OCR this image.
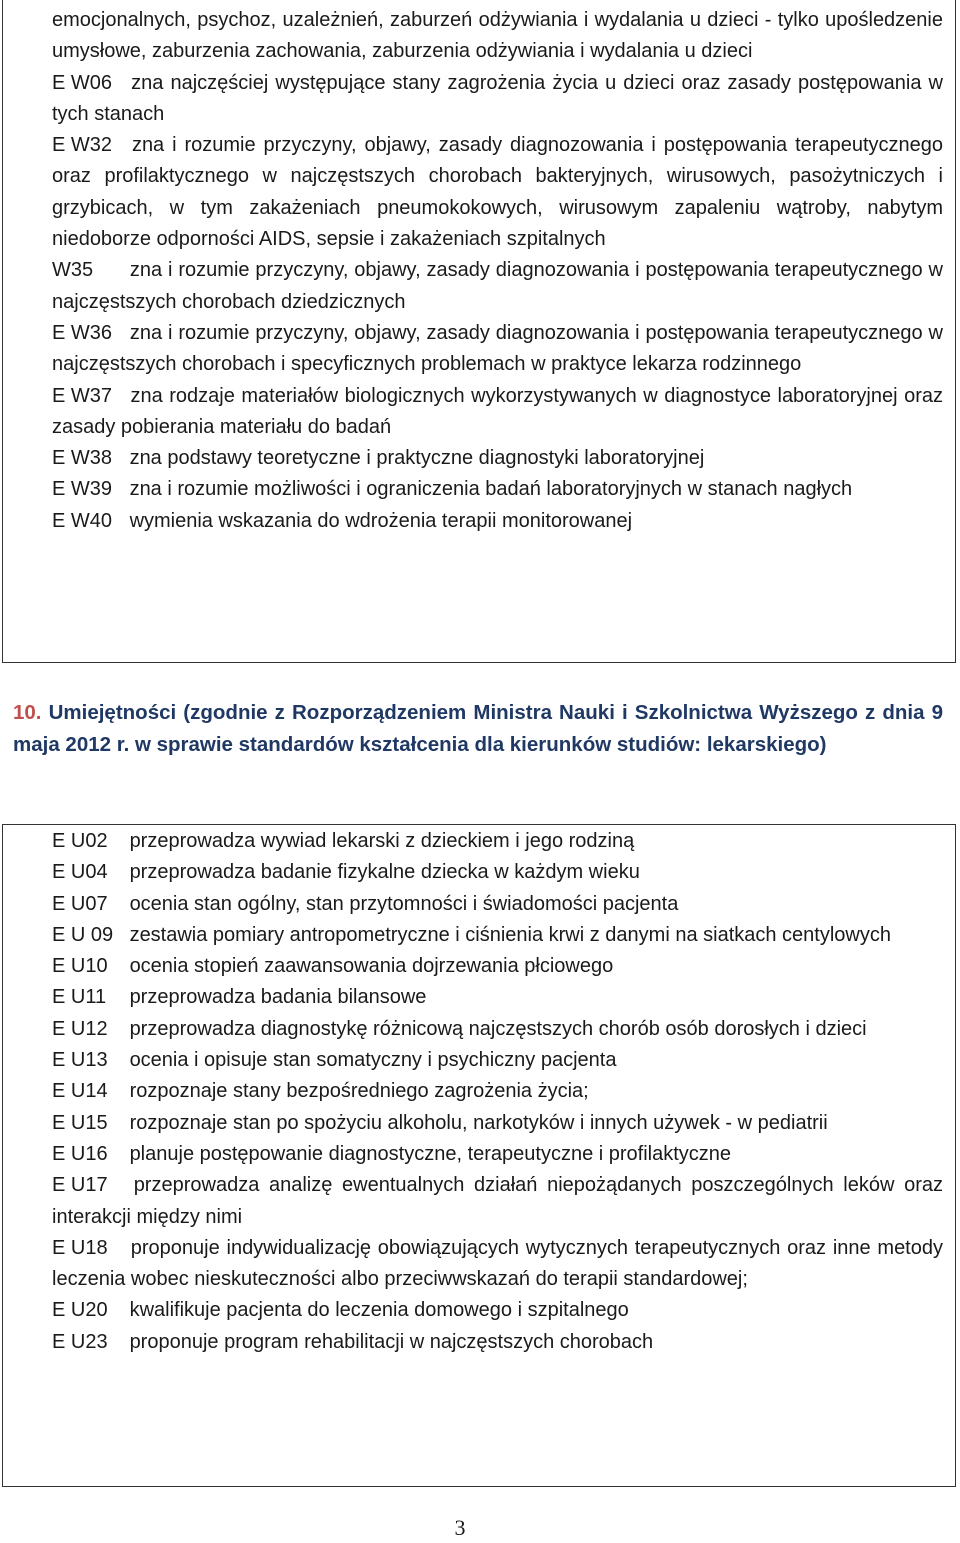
emocjonalnych, psychoz, uzależnień, zaburzeń odżywiania i wydalania u dzieci - tylko upośledzenie umysłowe, zaburzenia zachowania, zaburzenia odżywiania i wydalania u dzieci
E W06 zna najczęściej występujące stany zagrożenia życia u dzieci oraz zasady postępowania w tych stanach
E W32 zna i rozumie przyczyny, objawy, zasady diagnozowania i postępowania terapeutycznego oraz profilaktycznego w najczęstszych chorobach bakteryjnych, wirusowych, pasożytniczych i grzybicach, w tym zakażeniach pneumokokowych, wirusowym zapaleniu wątroby, nabytym niedoborze odporności AIDS, sepsie i zakażeniach szpitalnych
W35 zna i rozumie przyczyny, objawy, zasady diagnozowania i postępowania terapeutycznego w najczęstszych chorobach dziedzicznych
E W36 zna i rozumie przyczyny, objawy, zasady diagnozowania i postępowania terapeutycznego w najczęstszych chorobach i specyficznych problemach w praktyce lekarza rodzinnego
E W37 zna rodzaje materiałów biologicznych wykorzystywanych w diagnostyce laboratoryjnej oraz zasady pobierania materiału do badań
E W38 zna podstawy teoretyczne i praktyczne diagnostyki laboratoryjnej
E W39 zna i rozumie możliwości i ograniczenia badań laboratoryjnych w stanach nagłych
E W40 wymienia wskazania do wdrożenia terapii monitorowanej
10. Umiejętności (zgodnie z Rozporządzeniem Ministra Nauki i Szkolnictwa Wyższego z dnia 9 maja 2012 r. w sprawie standardów kształcenia dla kierunków studiów: lekarskiego)
E U02 przeprowadza wywiad lekarski z dzieckiem i jego rodziną
E U04 przeprowadza badanie fizykalne dziecka w każdym wieku
E U07 ocenia stan ogólny, stan przytomności i świadomości pacjenta
E U 09 zestawia pomiary antropometryczne i ciśnienia krwi z danymi na siatkach centylowych
E U10 ocenia stopień zaawansowania dojrzewania płciowego
E U11 przeprowadza badania bilansowe
E U12 przeprowadza diagnostykę różnicową najczęstszych chorób osób dorosłych i dzieci
E U13 ocenia i opisuje stan somatyczny i psychiczny pacjenta
E U14 rozpoznaje stany bezpośredniego zagrożenia życia;
E U15 rozpoznaje stan po spożyciu alkoholu, narkotyków i innych używek - w pediatrii
E U16 planuje postępowanie diagnostyczne, terapeutyczne i profilaktyczne
E U17 przeprowadza analizę ewentualnych działań niepożądanych poszczególnych leków oraz interakcji między nimi
E U18 proponuje indywidualizację obowiązujących wytycznych terapeutycznych oraz inne metody leczenia wobec nieskuteczności albo przeciwwskazań do terapii standardowej;
E U20 kwalifikuje pacjenta do leczenia domowego i szpitalnego
E U23 proponuje program rehabilitacji w najczęstszych chorobach
3
